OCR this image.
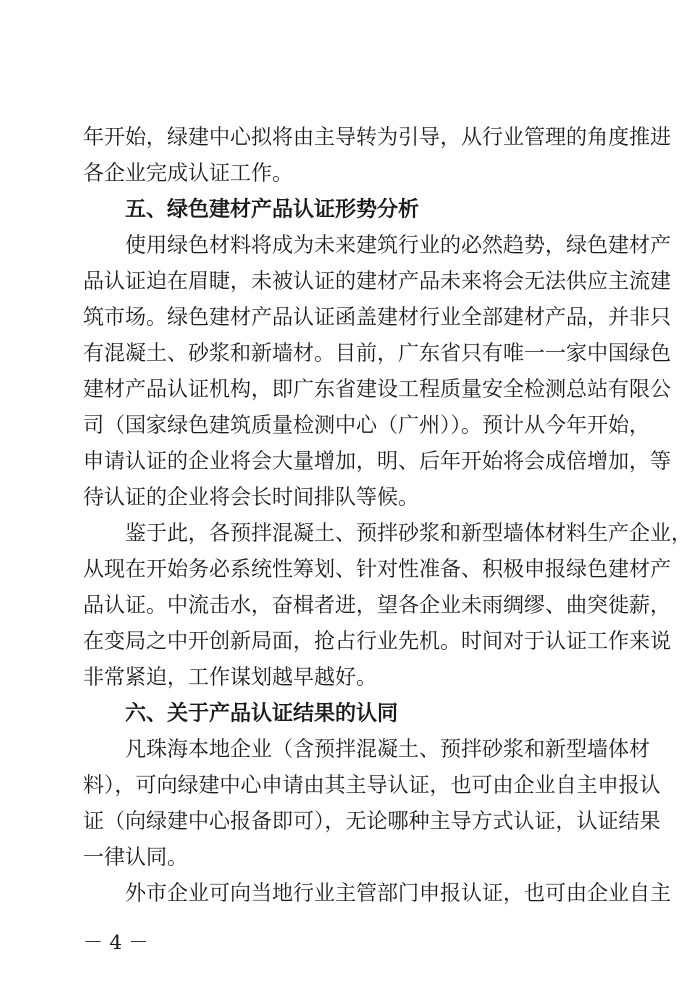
年开始，绿建中心拟将由主导转为引导，从行业管理的角度推进
各企业完成认证工作。
　　五、绿色建材产品认证形势分析
　　使用绿色材料将成为未来建筑行业的必然趋势，绿色建材产
品认证迫在眉睫，未被认证的建材产品未来将会无法供应主流建
筑市场。绿色建材产品认证函盖建材行业全部建材产品，并非只
有混凝土、砂浆和新墙材。目前，广东省只有唯一一家中国绿色
建材产品认证机构，即广东省建设工程质量安全检测总站有限公
司（国家绿色建筑质量检测中心（广州））。预计从今年开始，
申请认证的企业将会大量增加，明、后年开始将会成倍增加，等
待认证的企业将会长时间排队等候。
　　鉴于此，各预拌混凝土、预拌砂浆和新型墙体材料生产企业，
从现在开始务必系统性筹划、针对性准备、积极申报绿色建材产
品认证。中流击水，奋楫者进，望各企业未雨绸缪、曲突徙薪，
在变局之中开创新局面，抢占行业先机。时间对于认证工作来说
非常紧迫，工作谋划越早越好。
　　六、关于产品认证结果的认同
　　凡珠海本地企业（含预拌混凝土、预拌砂浆和新型墙体材
料），可向绿建中心申请由其主导认证，也可由企业自主申报认
证（向绿建中心报备即可），无论哪种主导方式认证，认证结果
一律认同。
　　外市企业可向当地行业主管部门申报认证，也可由企业自主
－ 4 －
